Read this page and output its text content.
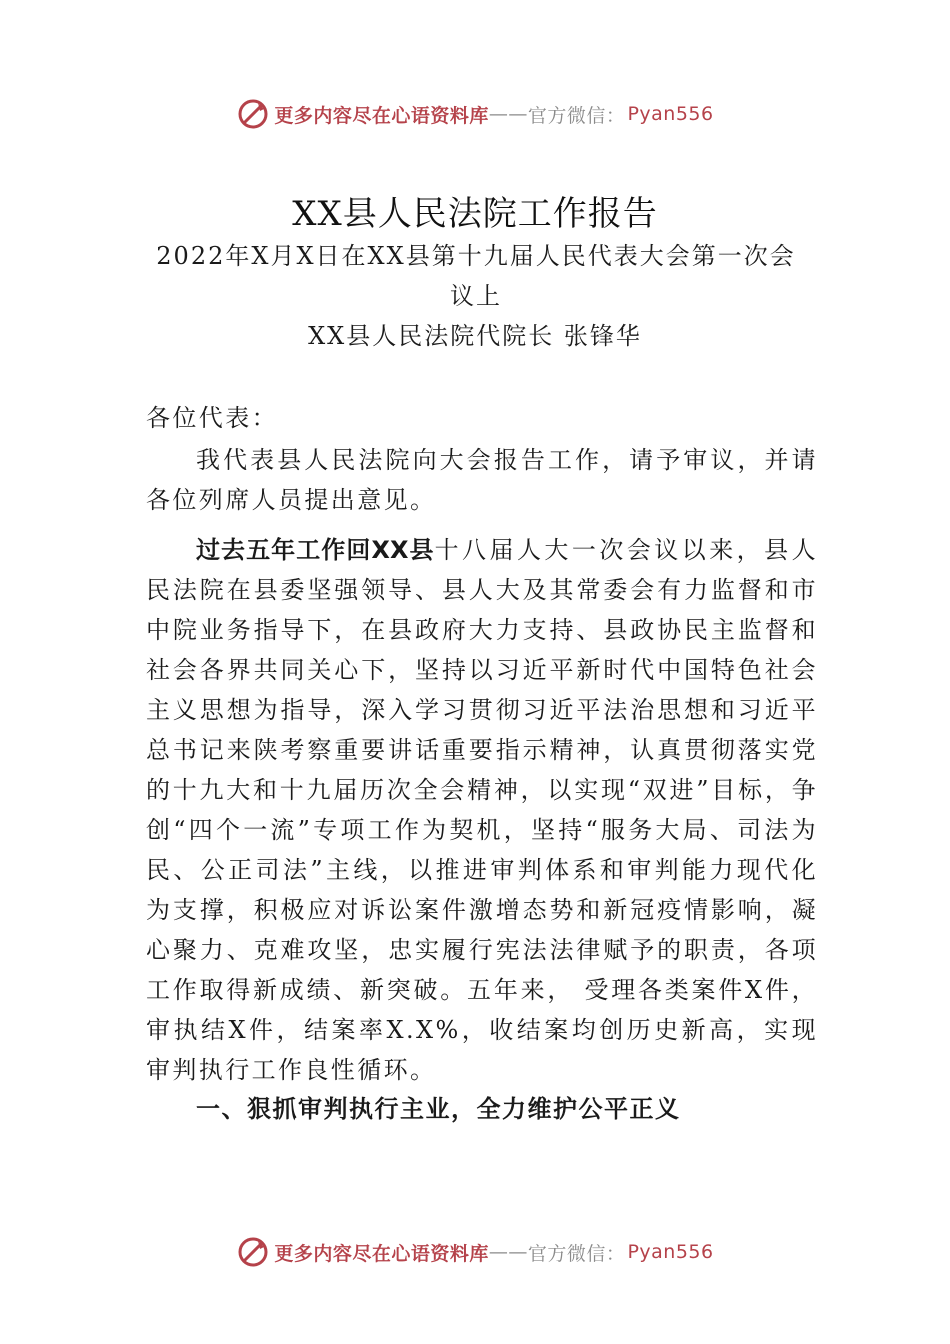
更多内容尽在心语资料库 —— 官方微信： Pyan556
XX县人民法院工作报告
2022年X月X日在XX县第十九届人民代表大会第一次会议上
XX县人民法院代院长 张锋华
各位代表：
我代表县人民法院向大会报告工作，请予审议，并请各位列席人员提出意见。
过去五年工作回XX县十八届人大一次会议以来，县人民法院在县委坚强领导、县人大及其常委会有力监督和市中院业务指导下，在县政府大力支持、县政协民主监督和社会各界共同关心下，坚持以习近平新时代中国特色社会主义思想为指导，深入学习贯彻习近平法治思想和习近平总书记来陕考察重要讲话重要指示精神，认真贯彻落实党的十九大和十九届历次全会精神，以实现“双进”目标，争创“四个一流”专项工作为契机，坚持“服务大局、司法为民、公正司法”主线，以推进审判体系和审判能力现代化为支撑，积极应对诉讼案件激增态势和新冠疫情影响，凝心聚力、克难攻坚，忠实履行宪法法律赋予的职责，各项工作取得新成绩、新突破。五年来， 受理各类案件X件，审执结X件，结案率X.X%，收结案均创历史新高，实现审判执行工作良性循环。
一、狠抓审判执行主业，全力维护公平正义
更多内容尽在心语资料库 —— 官方微信： Pyan556
